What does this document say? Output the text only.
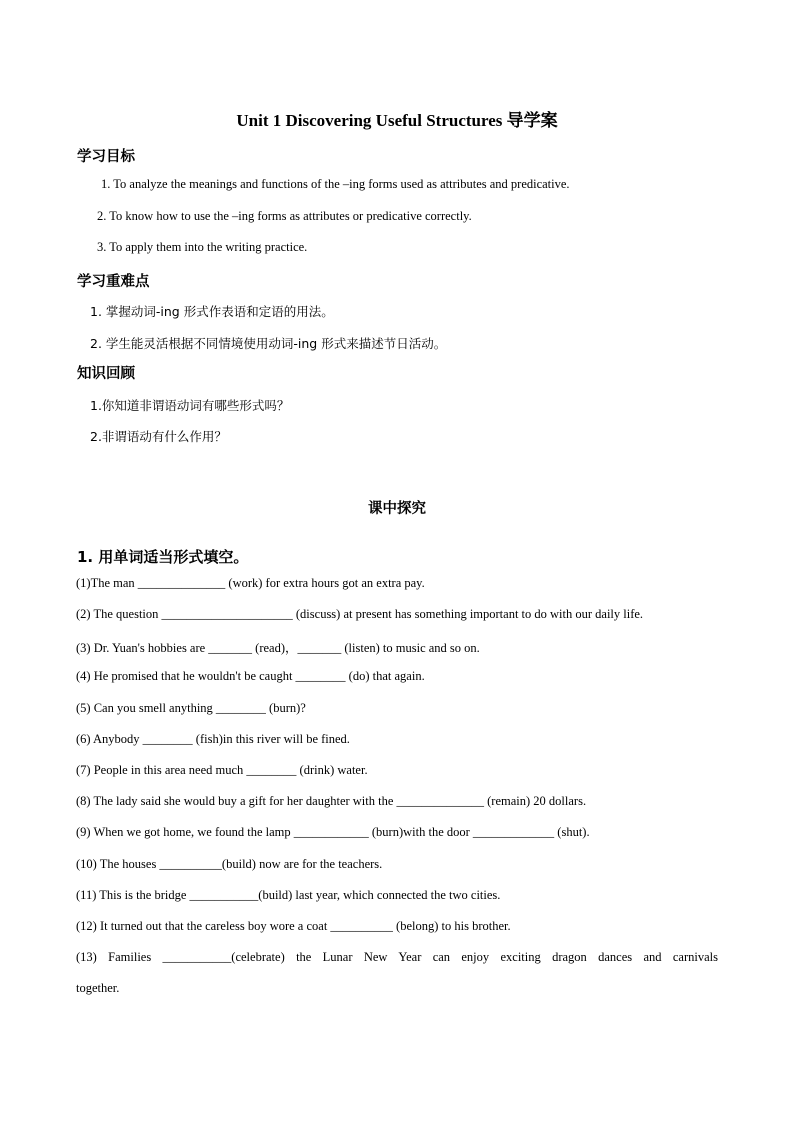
Unit 1 Discovering Useful Structures 导学案
学习目标
1. To analyze the meanings and functions of the –ing forms used as attributes and predicative.
2. To know how to use the –ing forms as attributes or predicative correctly.
3. To apply them into the writing practice.
学习重难点
1. 掌握动词-ing 形式作表语和定语的用法。
2. 学生能灵活根据不同情境使用动词-ing 形式来描述节日活动。
知识回顾
1.你知道非谓语动词有哪些形式吗？
2.非谓语动有什么作用？
课中探究
1. 用单词适当形式填空。
(1)The man ______________ (work) for extra hours got an extra pay.
(2) The question _____________________ (discuss) at present has something important to do with our daily life.
(3) Dr. Yuan's hobbies are _______ (read)，_______ (listen) to music and so on.
(4) He promised that he wouldn't be caught ________ (do) that again.
(5) Can you smell anything ________ (burn)?
(6) Anybody ________ (fish)in this river will be fined.
(7) People in this area need much ________ (drink) water.
(8) The lady said she would buy a gift for her daughter with the ______________ (remain) 20 dollars.
(9) When we got home, we found the lamp ____________ (burn)with the door _____________ (shut).
(10) The houses __________(build) now are for the teachers.
(11) This is the bridge ___________(build) last year, which connected the two cities.
(12) It turned out that the careless boy wore a coat __________ (belong) to his brother.
(13) Families ___________(celebrate) the Lunar New Year can enjoy exciting dragon dances and carnivals
together.
